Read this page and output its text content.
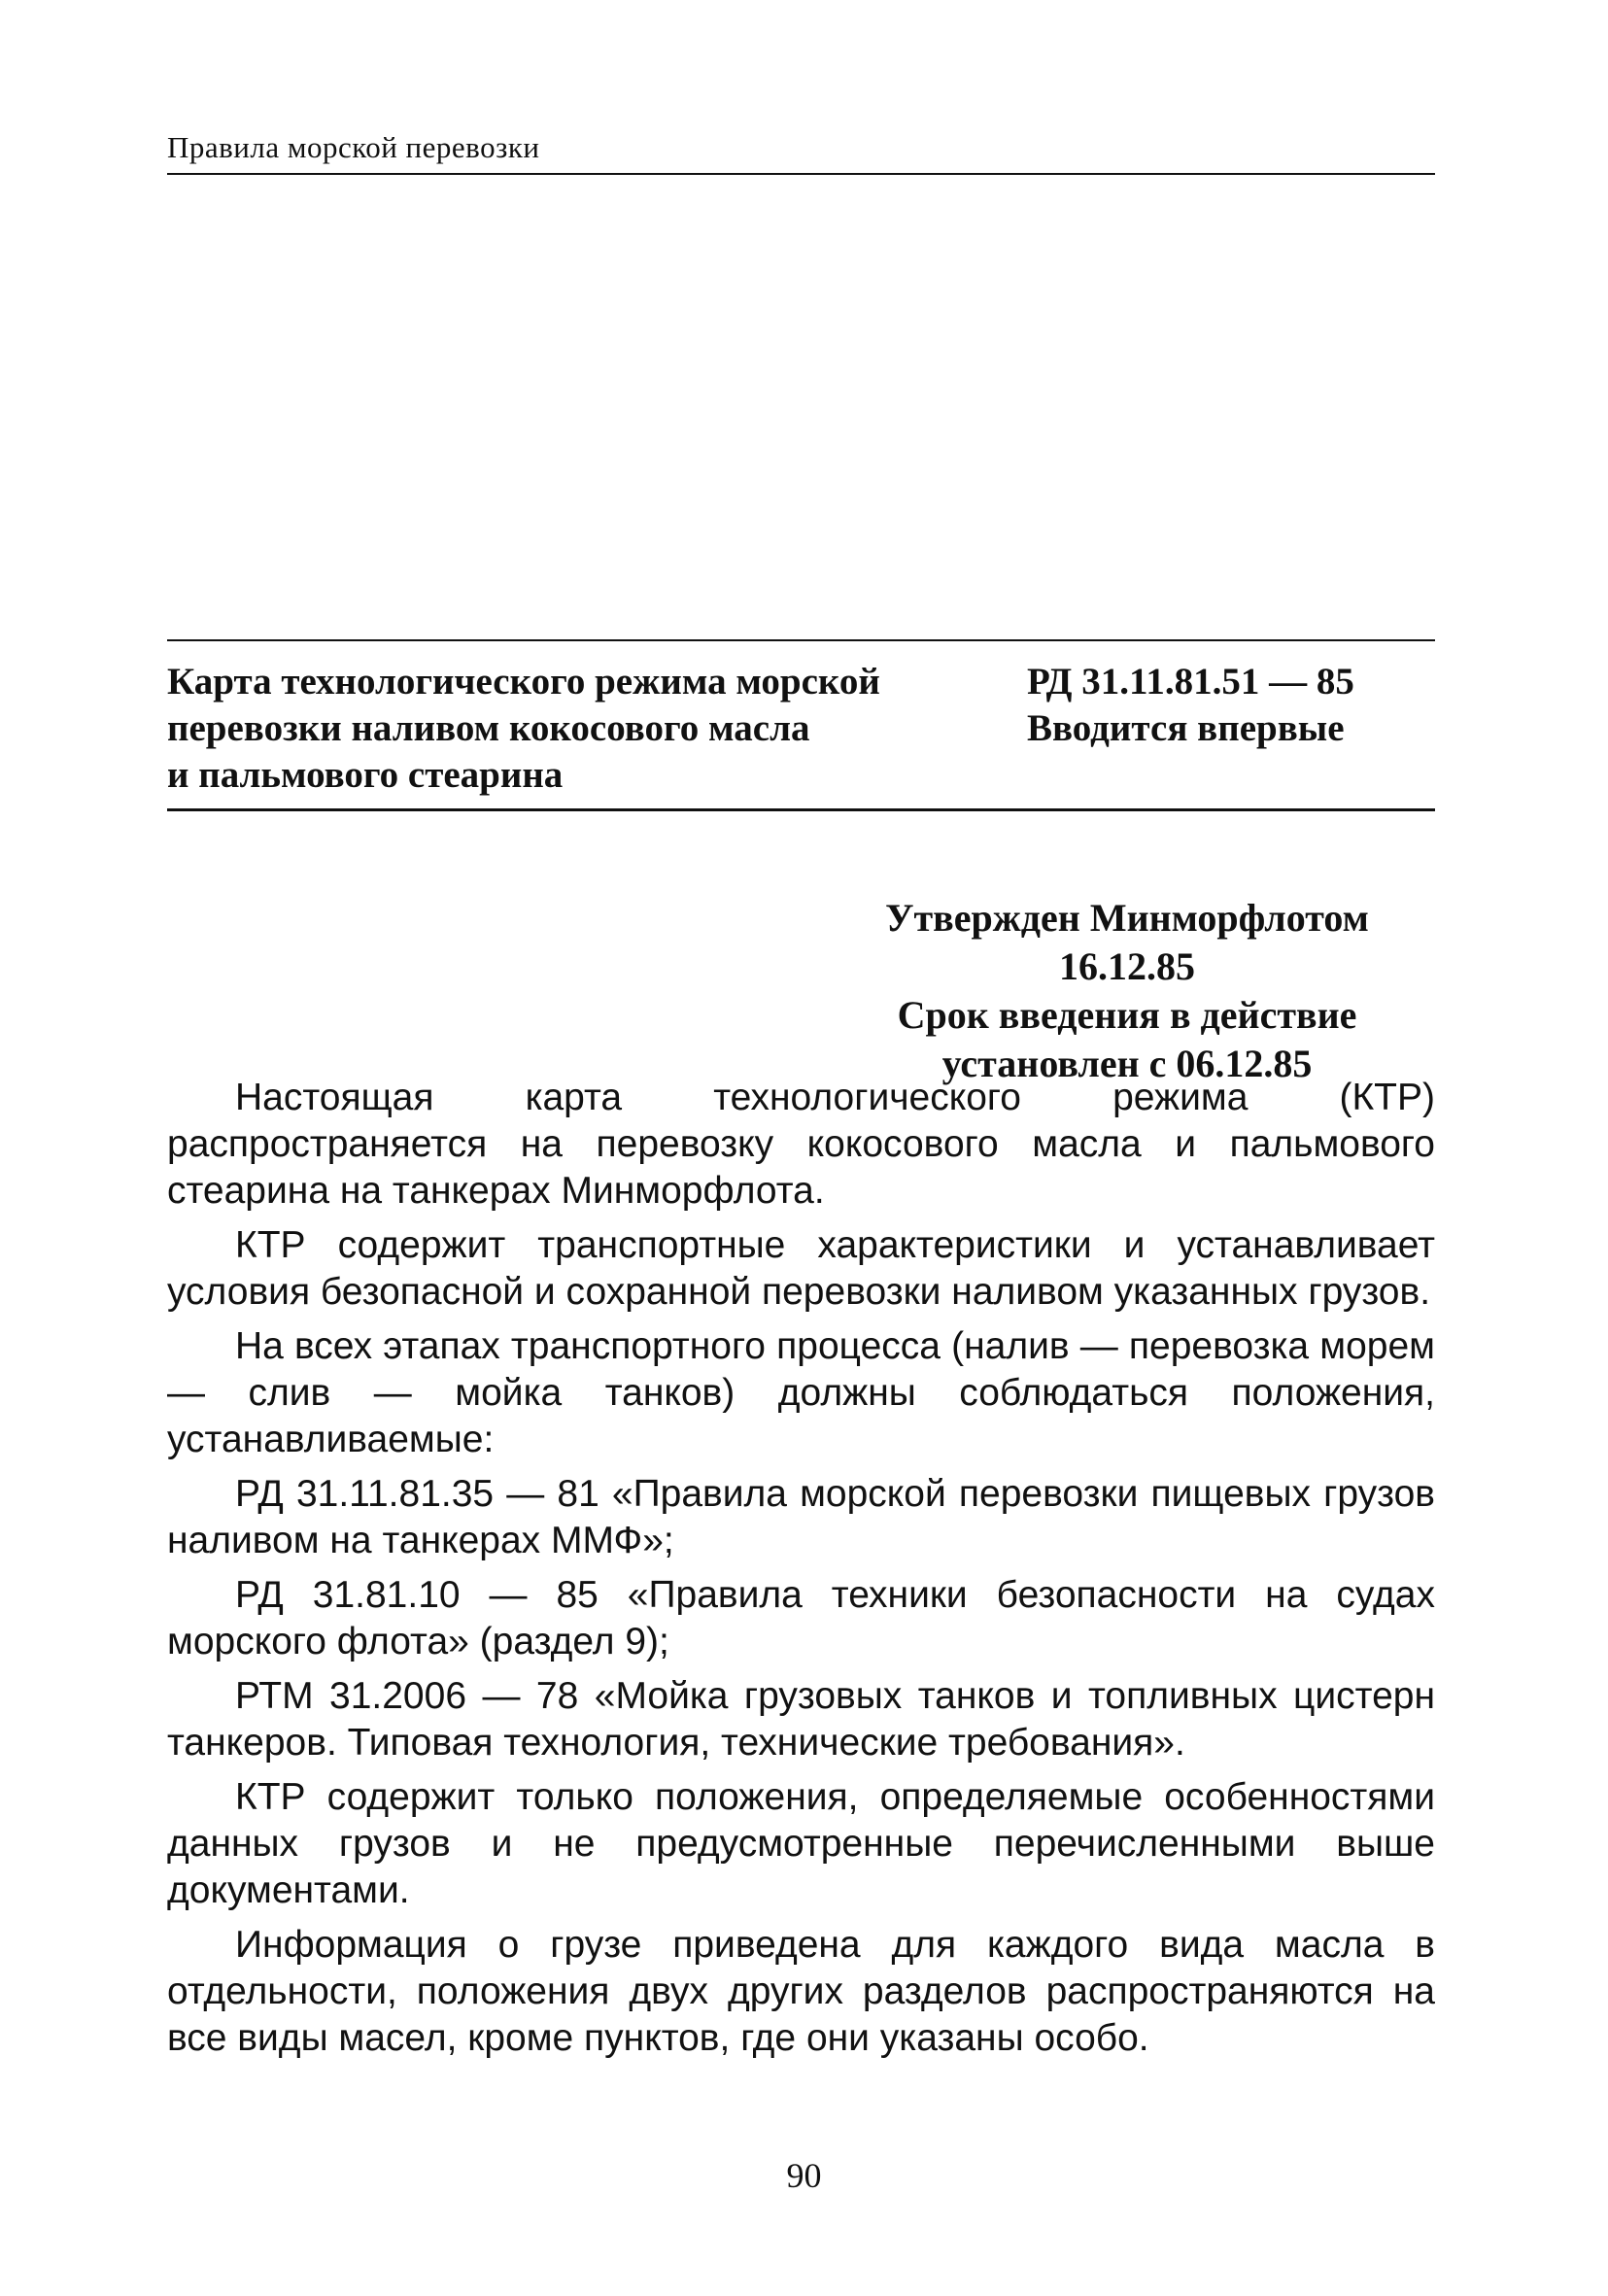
Правила морской перевозки
Карта технологического режима морской
перевозки наливом кокосового масла
и пальмового стеарина
РД 31.11.81.51 — 85
Вводится впервые
Утвержден Минморфлотом
16.12.85
Срок введения в действие
установлен с 06.12.85

Настоящая карта технологического режима (КТР) распространяется на перевозку кокосового масла и пальмового стеарина на танкерах Минморфлота.

КТР содержит транспортные характеристики и устанавливает условия безопасной и сохранной перевозки наливом указанных грузов.

На всех этапах транспортного процесса (налив — перевозка морем — слив — мойка танков) должны соблюдаться положения, устанавливаемые:

РД 31.11.81.35 — 81 «Правила морской перевозки пищевых грузов наливом на танкерах ММФ»;

РД 31.81.10 — 85 «Правила техники безопасности на судах морского флота» (раздел 9);

РТМ 31.2006 — 78 «Мойка грузовых танков и топливных цистерн танкеров. Типовая технология, технические требования».

КТР содержит только положения, определяемые особенностями данных грузов и не предусмотренные перечисленными выше документами.

Информация о грузе приведена для каждого вида масла в отдельности, положения двух других разделов распространяются на все виды масел, кроме пунктов, где они указаны особо.

90
